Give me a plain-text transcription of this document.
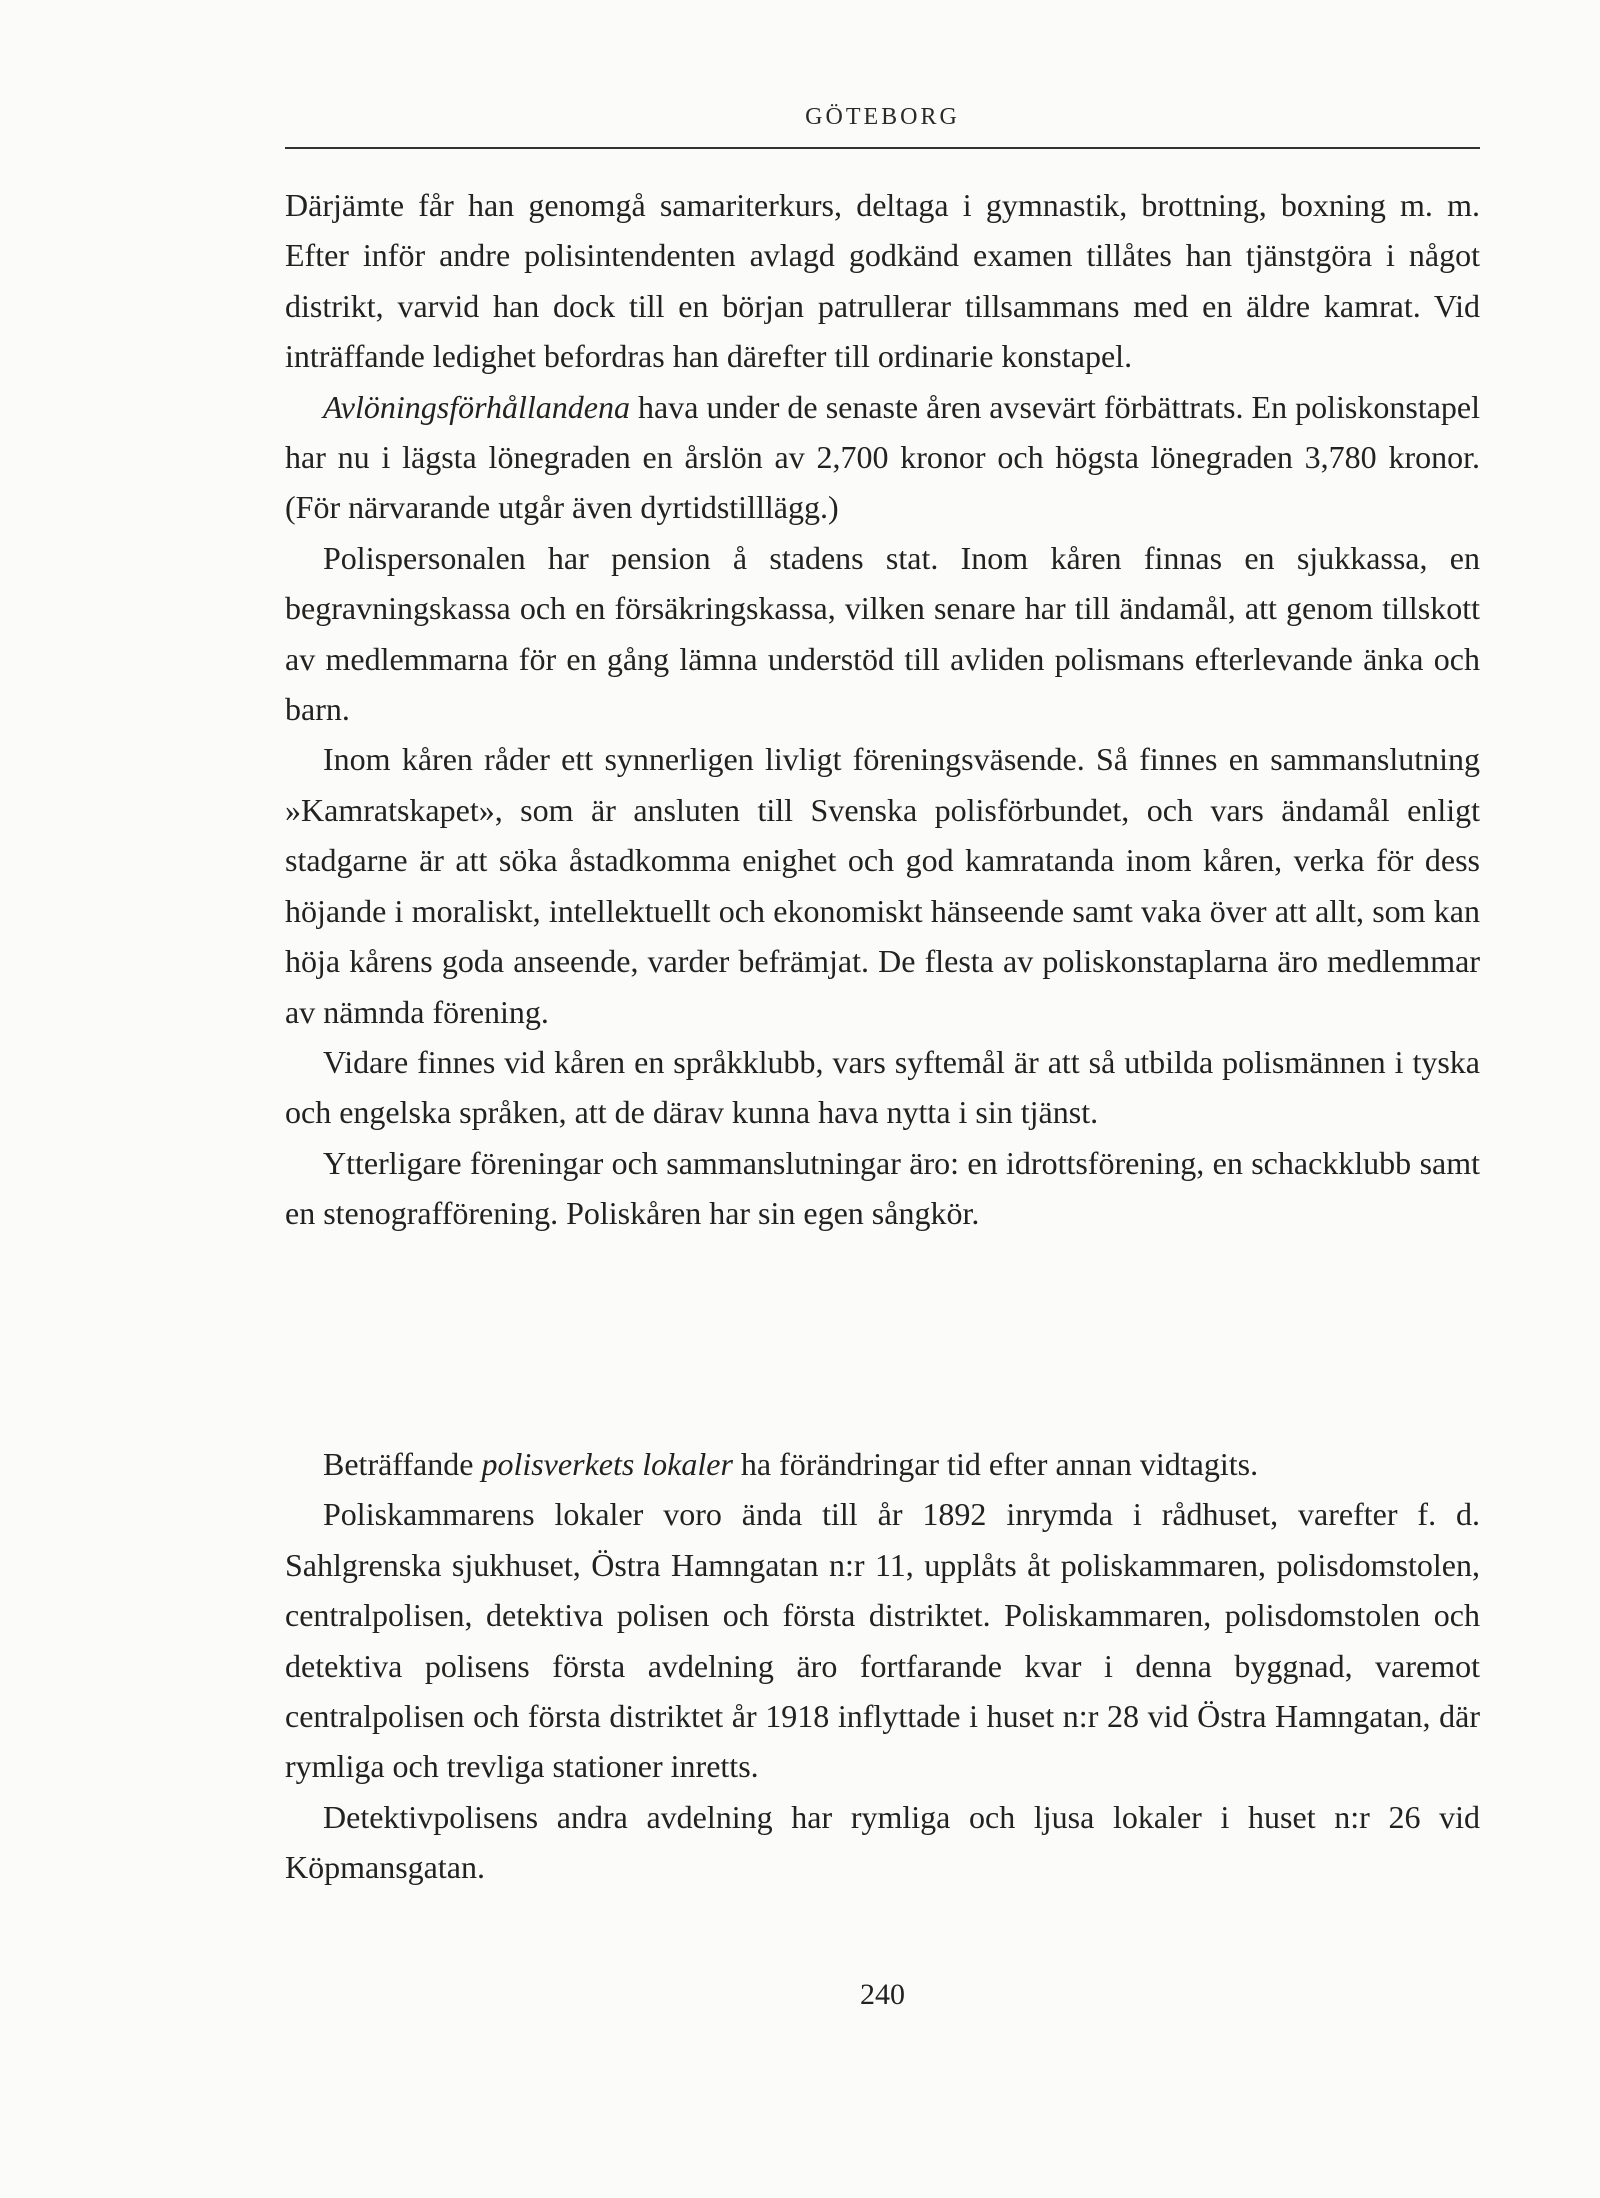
GÖTEBORG

Därjämte får han genomgå samariterkurs, deltaga i gymnastik, brottning, boxning m. m. Efter inför andre polisintendenten avlagd godkänd examen tillåtes han tjänstgöra i något distrikt, varvid han dock till en början patrullerar tillsammans med en äldre kamrat. Vid inträffande ledighet befordras han därefter till ordinarie konstapel.

Avlöningsförhållandena hava under de senaste åren avsevärt förbättrats. En poliskonstapel har nu i lägsta lönegraden en årslön av 2,700 kronor och högsta lönegraden 3,780 kronor. (För närvarande utgår även dyrtidstilllägg.)

Polispersonalen har pension å stadens stat. Inom kåren finnas en sjukkassa, en begravningskassa och en försäkringskassa, vilken senare har till ändamål, att genom tillskott av medlemmarna för en gång lämna understöd till avliden polismans efterlevande änka och barn.

Inom kåren råder ett synnerligen livligt föreningsväsende. Så finnes en sammanslutning »Kamratskapet», som är ansluten till Svenska polisförbundet, och vars ändamål enligt stadgarne är att söka åstadkomma enighet och god kamratanda inom kåren, verka för dess höjande i moraliskt, intellektuellt och ekonomiskt hänseende samt vaka över att allt, som kan höja kårens goda anseende, varder befrämjat. De flesta av poliskonstaplarna äro medlemmar av nämnda förening.

Vidare finnes vid kåren en språkklubb, vars syftemål är att så utbilda polismännen i tyska och engelska språken, att de därav kunna hava nytta i sin tjänst.

Ytterligare föreningar och sammanslutningar äro: en idrottsförening, en schackklubb samt en stenografförening. Poliskåren har sin egen sångkör.

Beträffande polisverkets lokaler ha förändringar tid efter annan vidtagits.

Poliskammarens lokaler voro ända till år 1892 inrymda i rådhuset, varefter f. d. Sahlgrenska sjukhuset, Östra Hamngatan n:r 11, upplåts åt poliskammaren, polisdomstolen, centralpolisen, detektiva polisen och första distriktet. Poliskammaren, polisdomstolen och detektiva polisens första avdelning äro fortfarande kvar i denna byggnad, varemot centralpolisen och första distriktet år 1918 inflyttade i huset n:r 28 vid Östra Hamngatan, där rymliga och trevliga stationer inretts.

Detektivpolisens andra avdelning har rymliga och ljusa lokaler i huset n:r 26 vid Köpmansgatan.

240
